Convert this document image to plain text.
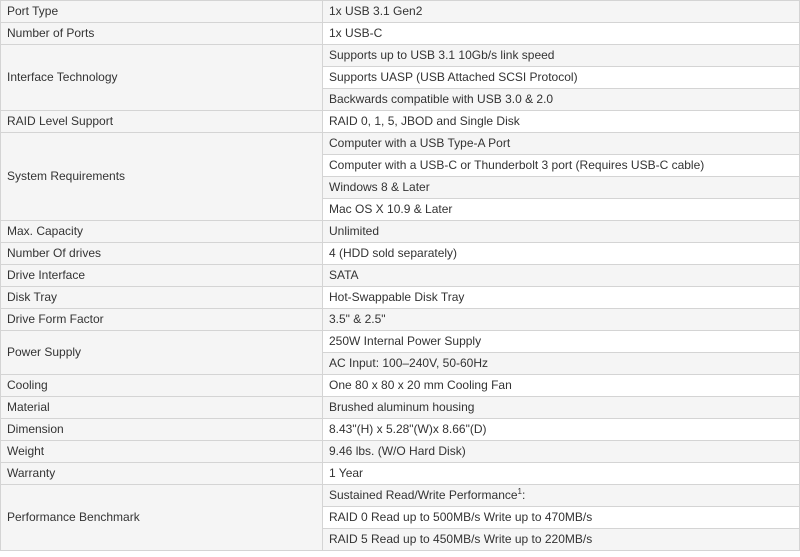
Port Type	1x USB 3.1 Gen2
Number of Ports	1x USB-C
Interface Technology	Supports up to USB 3.1 10Gb/s link speed
	Supports UASP (USB Attached SCSI Protocol)
	Backwards compatible with USB 3.0 & 2.0
RAID Level Support	RAID 0, 1, 5, JBOD and Single Disk
System Requirements	Computer with a USB Type-A Port
	Computer with a USB-C or Thunderbolt 3 port (Requires USB-C cable)
	Windows 8 & Later
	Mac OS X 10.9 & Later
Max. Capacity	Unlimited
Number Of drives	4 (HDD sold separately)
Drive Interface	SATA
Disk Tray	Hot-Swappable Disk Tray
Drive Form Factor	3.5" & 2.5"
Power Supply	250W Internal Power Supply
	AC Input: 100–240V, 50-60Hz
Cooling	One 80 x 80 x 20 mm Cooling Fan
Material	Brushed aluminum housing
Dimension	8.43"(H) x 5.28"(W)x 8.66"(D)
Weight	9.46 lbs. (W/O Hard Disk)
Warranty	1 Year
Performance Benchmark	Sustained Read/Write Performance$^1$:
	RAID 0 Read up to 500MB/s Write up to 470MB/s
	RAID 5 Read up to 450MB/s Write up to 220MB/s
